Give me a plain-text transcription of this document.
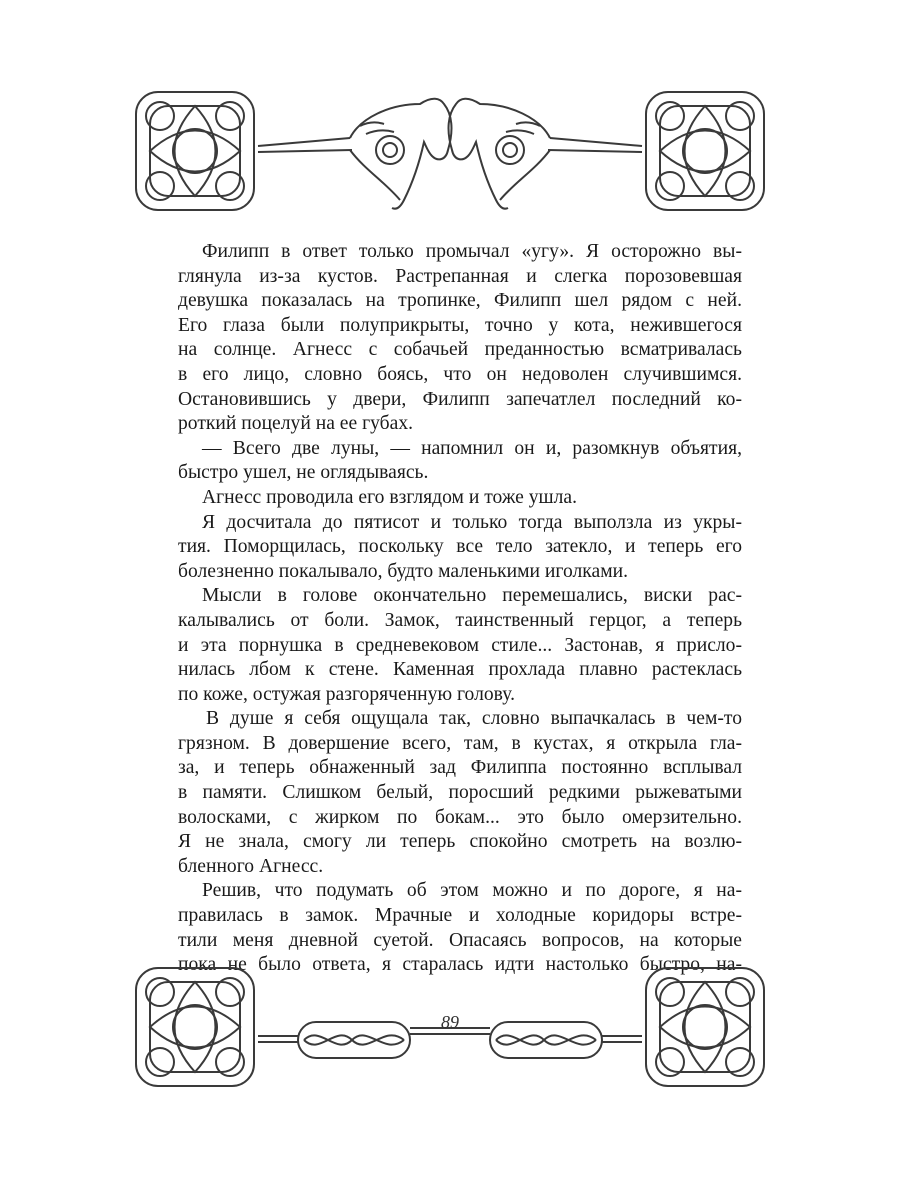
Филипп в ответ только промычал «угу». Я осторожно вы-

глянула из-за кустов. Растрепанная и слегка порозовевшая

девушка показалась на тропинке, Филипп шел рядом с ней.

Его глаза были полуприкрыты, точно у кота, нежившегося

на солнце. Агнесс с собачьей преданностью всматривалась

в его лицо, словно боясь, что он недоволен случившимся.

Остановившись у двери, Филипп запечатлел последний ко-

роткий поцелуй на ее губах.

— Всего две луны, — напомнил он и, разомкнув объятия,

быстро ушел, не оглядываясь.

Агнесс проводила его взглядом и тоже ушла.

Я досчитала до пятисот и только тогда выползла из укры-

тия. Поморщилась, поскольку все тело затекло, и теперь его

болезненно покалывало, будто маленькими иголками.

Мысли в голове окончательно перемешались, виски рас-

калывались от боли. Замок, таинственный герцог, а теперь

и эта порнушка в средневековом стиле... Застонав, я присло-

нилась лбом к стене. Каменная прохлада плавно растеклась

по коже, остужая разгоряченную голову.

В душе я себя ощущала так, словно выпачкалась в чем-то

грязном. В довершение всего, там, в кустах, я открыла гла-

за, и теперь обнаженный зад Филиппа постоянно всплывал

в памяти. Слишком белый, поросший редкими рыжеватыми

волосками, с жирком по бокам... это было омерзительно.

Я не знала, смогу ли теперь спокойно смотреть на возлю-

бленного Агнесс.

Решив, что подумать об этом можно и по дороге, я на-

правилась в замок. Мрачные и холодные коридоры встре-

тили меня дневной суетой. Опасаясь вопросов, на которые

пока не было ответа, я старалась идти настолько быстро, на-

89
